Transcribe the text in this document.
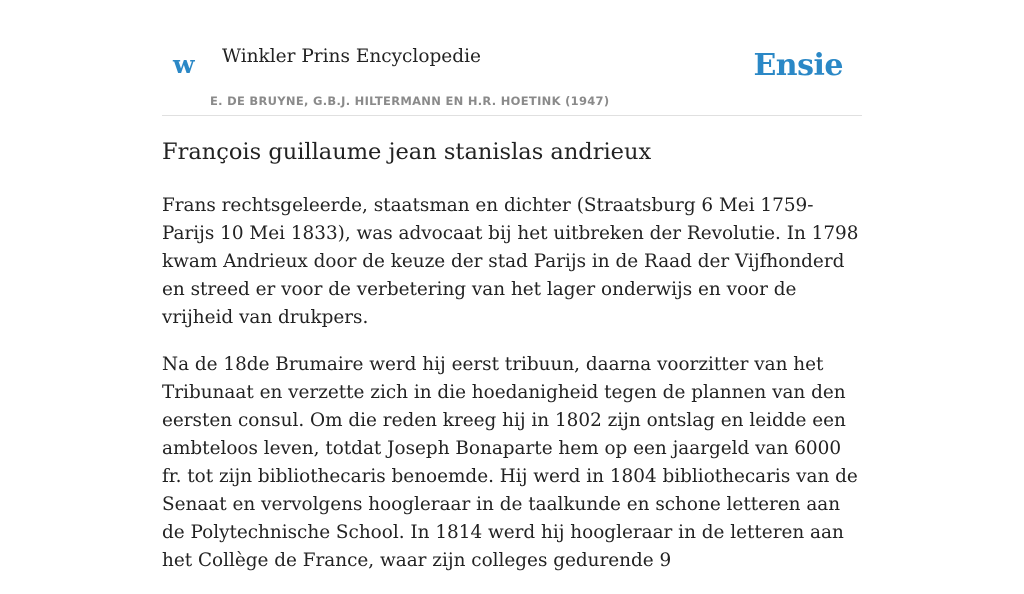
w Winkler Prins Encyclopedie
E. DE BRUYNE, G.B.J. HILTERMANN EN H.R. HOETINK (1947)
Ensie
François guillaume jean stanislas andrieux

Frans rechtsgeleerde, staatsman en dichter (Straatsburg 6 Mei 1759-Parijs 10 Mei 1833), was advocaat bij het uitbreken der Revolutie. In 1798 kwam Andrieux door de keuze der stad Parijs in de Raad der Vijfhonderd en streed er voor de verbetering van het lager onderwijs en voor de vrijheid van drukpers.

Na de 18de Brumaire werd hij eerst tribuun, daarna voorzitter van het Tribunaat en verzette zich in die hoedanigheid tegen de plannen van den eersten consul. Om die reden kreeg hij in 1802 zijn ontslag en leidde een ambteloos leven, totdat Joseph Bonaparte hem op een jaargeld van 6000 fr. tot zijn bibliothecaris benoemde. Hij werd in 1804 bibliothecaris van de Senaat en vervolgens hoogleraar in de taalkunde en schone letteren aan de Polytechnische School. In 1814 werd hij hoogleraar in de letteren aan het Collège de France, waar zijn colleges gedurende 9
